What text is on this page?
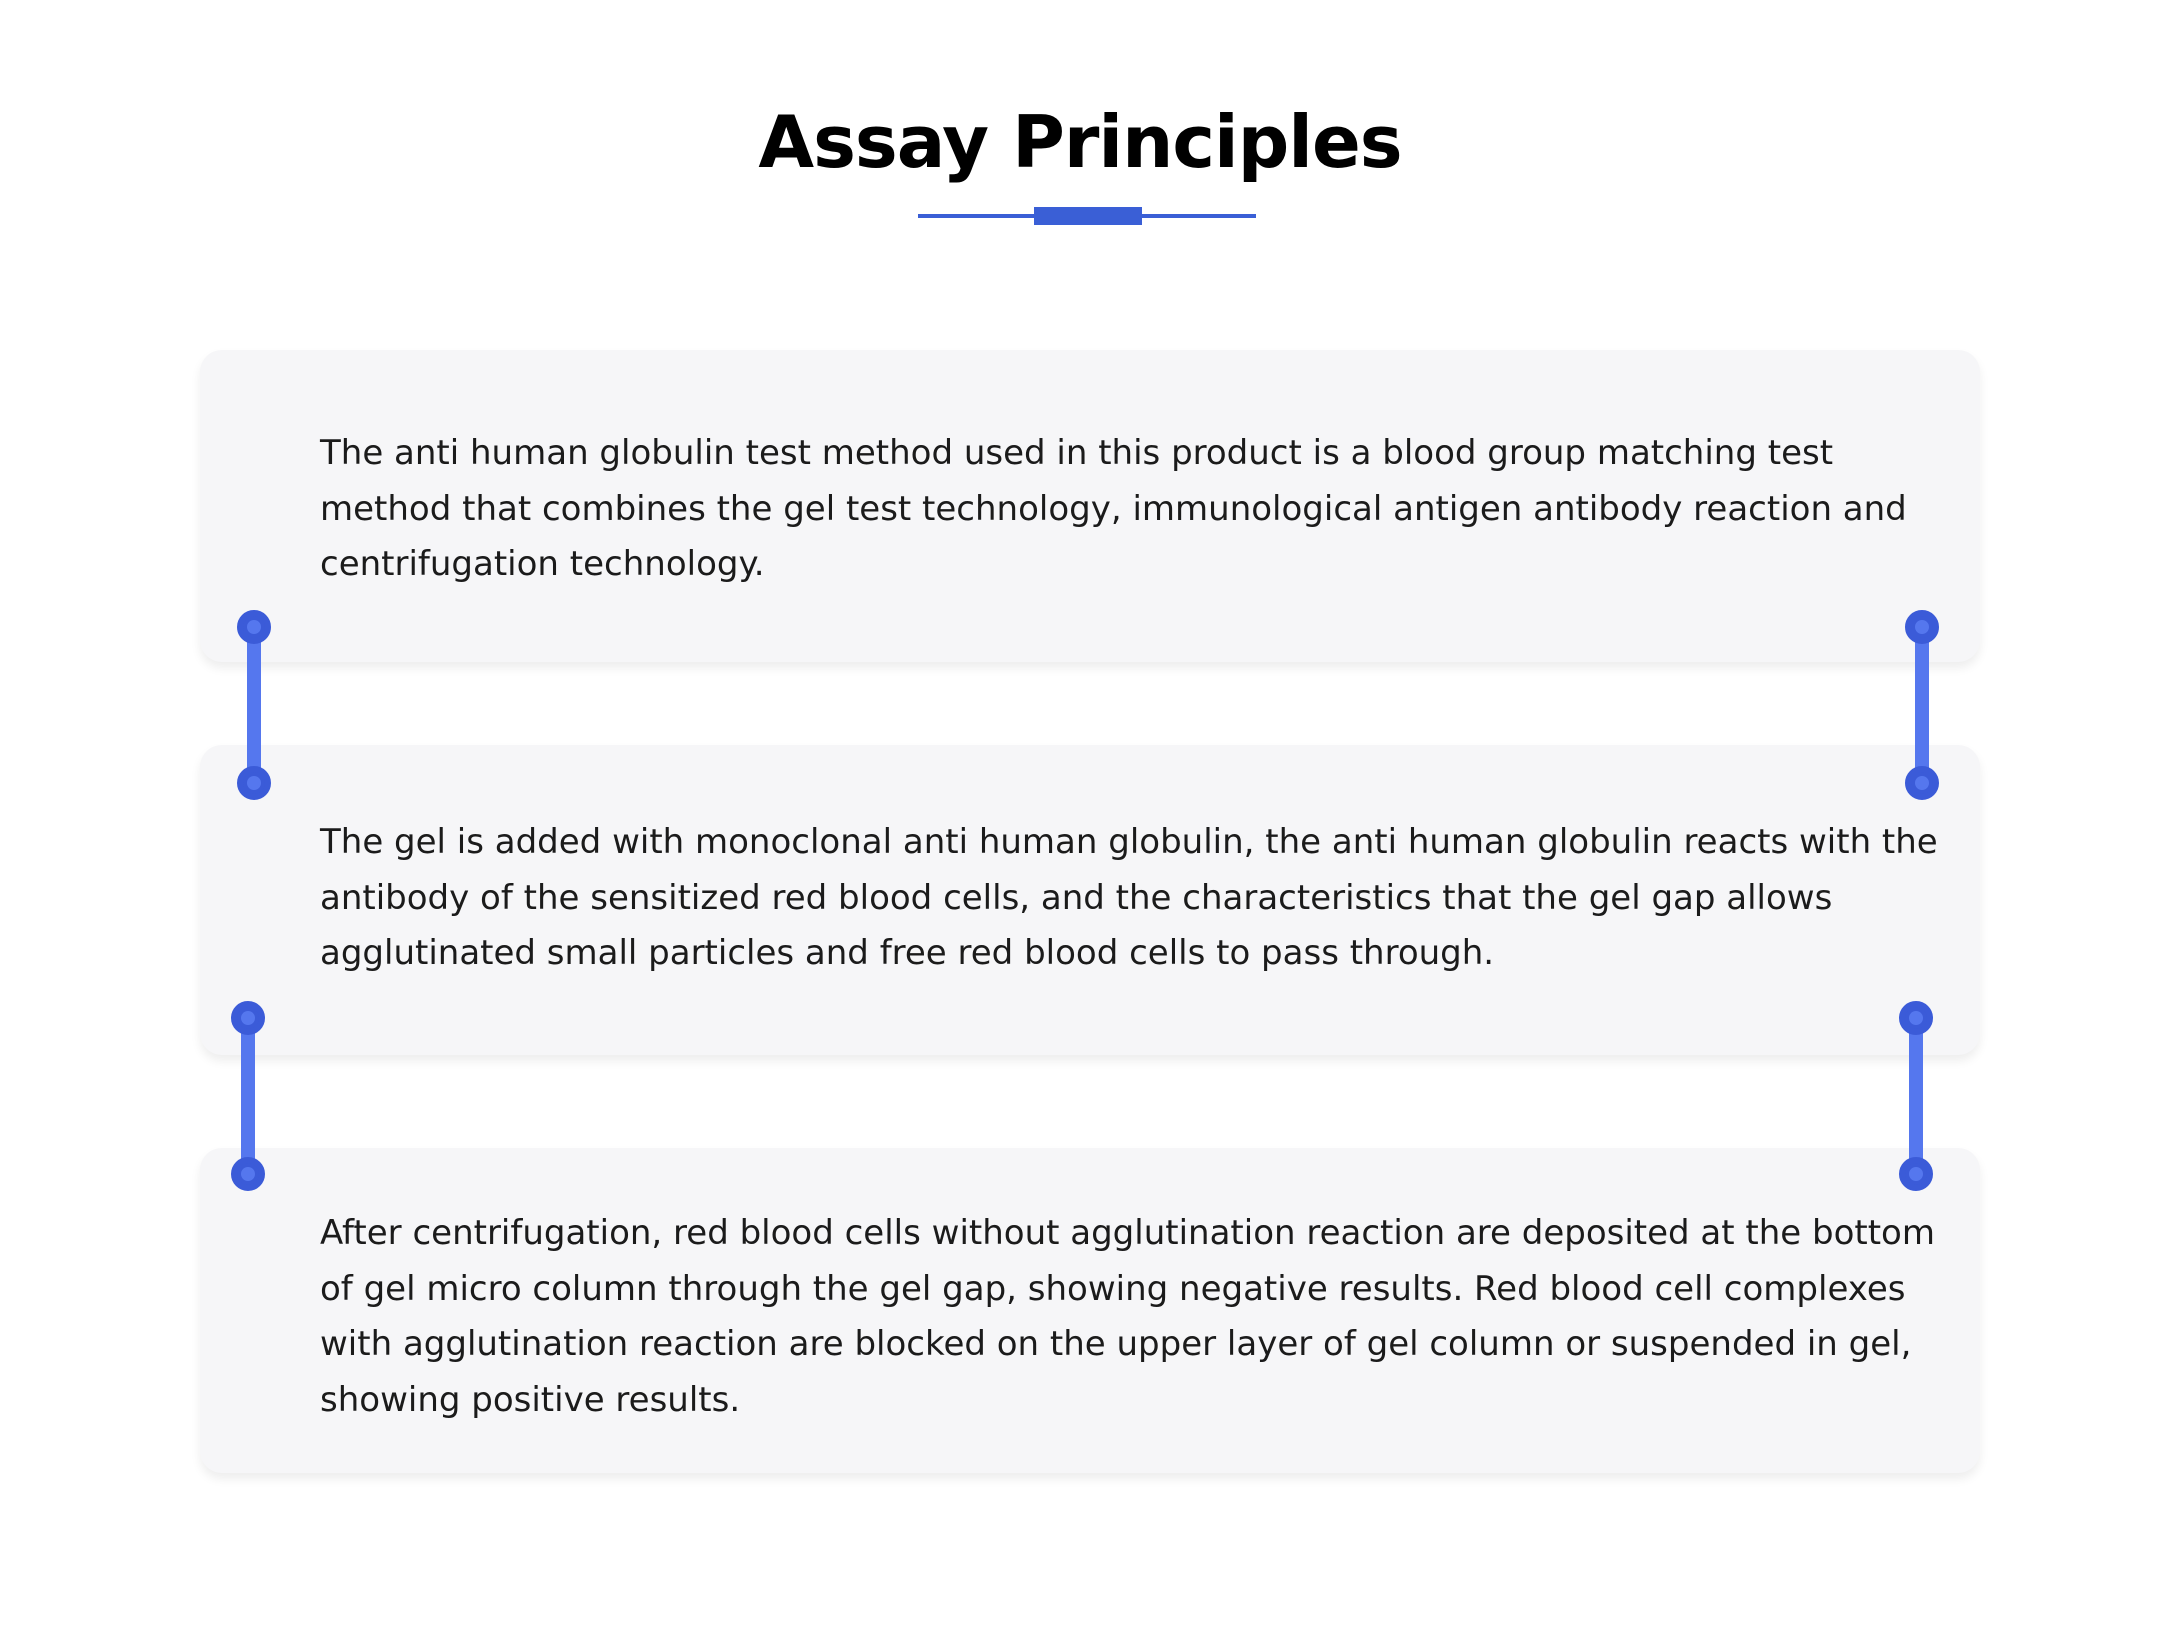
Assay Principles

The anti human globulin test method used in this product is a blood group matching test method that combines the gel test technology, immunological antigen antibody reaction and centrifugation technology.

The gel is added with monoclonal anti human globulin, the anti human globulin reacts with the antibody of the sensitized red blood cells, and the characteristics that the gel gap allows agglutinated small particles and free red blood cells to pass through.

After centrifugation, red blood cells without agglutination reaction are deposited at the bottom of gel micro column through the gel gap, showing negative results. Red blood cell complexes with agglutination reaction are blocked on the upper layer of gel column or suspended in gel, showing positive results.
